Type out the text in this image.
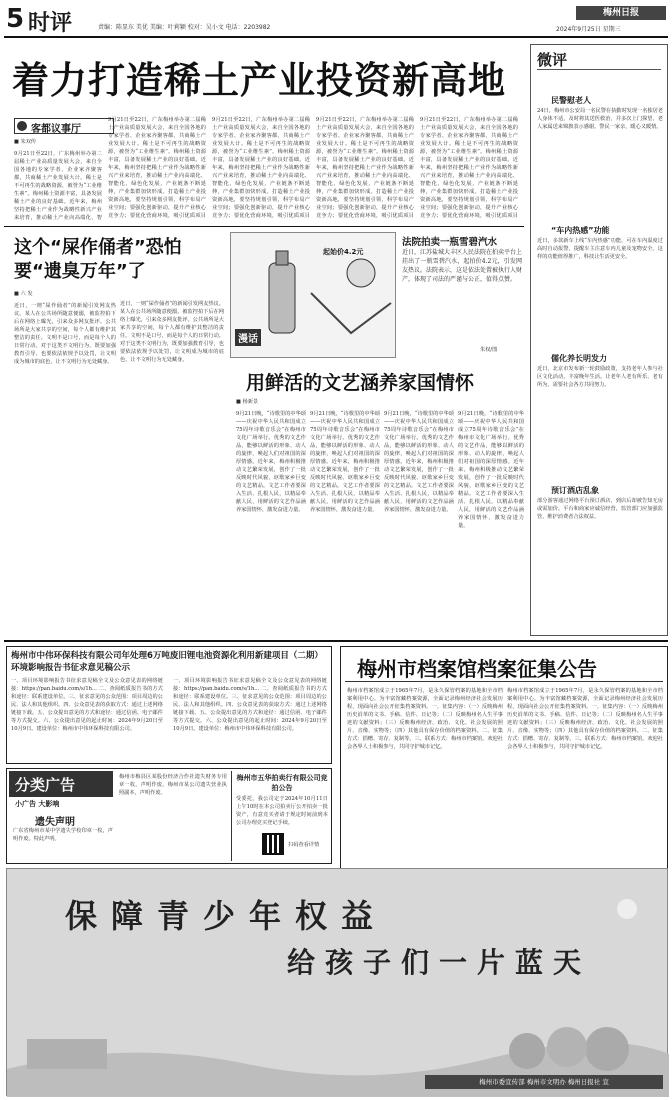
5 时评	责编：陈显东 美优 美编：叶莉颖 校对：吴小文 电话：2203982
梅州日报
2024年9月25日 星期三
着力打造稀土产业投资新高地
客都议事厅
■ 朱双传
9月21日至22日，广东梅州举办第二届稀土产业高质量发展大会，来自全国各地的专家学者、企业家齐聚客都，共商稀土产业发展大计。稀土是不可再生的战略资源，被誉为“工业维生素”。梅州稀土资源丰富，具备发展稀土产业的良好基础。近年来，梅州坚持把稀土产业作为战略性新兴产业来培育，推动稀土产业向高端化、智
9月21日至22日，广东梅州举办第二届稀土产业高质量发展大会，来自全国各地的专家学者、企业家齐聚客都，共商稀土产业发展大计。稀土是不可再生的战略资源，被誉为“工业维生素”。梅州稀土资源丰富，具备发展稀土产业的良好基础。近年来，梅州坚持把稀土产业作为战略性新兴产业来培育，推动稀土产业向高端化、智能化、绿色化发展，产业链条不断延伸，产业集群加快形成。打造稀土产业投资新高地，要坚持规划引领，科学布局产业空间；要强化创新驱动，提升产业核心竞争力；要优化营商环境，吸引优质项目
9月21日至22日，广东梅州举办第二届稀土产业高质量发展大会，来自全国各地的专家学者、企业家齐聚客都，共商稀土产业发展大计。稀土是不可再生的战略资源，被誉为“工业维生素”。梅州稀土资源丰富，具备发展稀土产业的良好基础。近年来，梅州坚持把稀土产业作为战略性新兴产业来培育，推动稀土产业向高端化、智能化、绿色化发展，产业链条不断延伸，产业集群加快形成。打造稀土产业投资新高地，要坚持规划引领，科学布局产业空间；要强化创新驱动，提升产业核心竞争力；要优化营商环境，吸引优质项目
9月21日至22日，广东梅州举办第二届稀土产业高质量发展大会，来自全国各地的专家学者、企业家齐聚客都，共商稀土产业发展大计。稀土是不可再生的战略资源，被誉为“工业维生素”。梅州稀土资源丰富，具备发展稀土产业的良好基础。近年来，梅州坚持把稀土产业作为战略性新兴产业来培育，推动稀土产业向高端化、智能化、绿色化发展，产业链条不断延伸，产业集群加快形成。打造稀土产业投资新高地，要坚持规划引领，科学布局产业空间；要强化创新驱动，提升产业核心竞争力；要优化营商环境，吸引优质项目
9月21日至22日，广东梅州举办第二届稀土产业高质量发展大会，来自全国各地的专家学者、企业家齐聚客都，共商稀土产业发展大计。稀土是不可再生的战略资源，被誉为“工业维生素”。梅州稀土资源丰富，具备发展稀土产业的良好基础。近年来，梅州坚持把稀土产业作为战略性新兴产业来培育，推动稀土产业向高端化、智能化、绿色化发展，产业链条不断延伸，产业集群加快形成。打造稀土产业投资新高地，要坚持规划引领，科学布局产业空间；要强化创新驱动，提升产业核心竞争力；要优化营商环境，吸引优质项目
微评
民警慰老人
24日，梅州市公安局一名民警在执勤时发现一名独居老人身体不适，及时将其送医救治，并多次上门探望，老人家属送来锦旗表示感谢。警民一家亲，暖心又暖情。
“车内热感”功能
近日，多款新车上线“车内热感”功能，可在车内温度过高时自动报警，提醒车主注意车内儿童及宠物安全。这样的功能值得推广，科技让生活更安全。
儒化养长明发力
近日，北京市发布新一轮鼓励政策，支持老年人参与社区文化活动，丰富晚年生活。让老年人老有所乐、老有所为，需要社会各方共同努力。
预订酒店乱象
部分游客通过网络平台预订酒店，到店后却被告知无房或需加价。平台和商家应诚信经营，监管部门应加强监管，维护消费者合法权益。
这个“屎作俑者”恐怕要“遗臭万年”了
■ 六 发
近日，一则“屎作俑者”的新闻引发网友热议。某人在公共场所随意便溺，被监控拍下后在网络上曝光，引来众多网友批评。公共场所是大家共享的空间，每个人都有维护其整洁的责任。文明不是口号，而是每个人的日常行动。对于这类不文明行为，既要加强教育引导，也要依法依规予以处罚，让文明成为城市的底色，让不文明行为无处藏身。
近日，一则“屎作俑者”的新闻引发网友热议。某人在公共场所随意便溺，被监控拍下后在网络上曝光，引来众多网友批评。公共场所是大家共享的空间，每个人都有维护其整洁的责任。文明不是口号，而是每个人的日常行动。对于这类不文明行为，既要加强教育引导，也要依法依规予以处罚，让文明成为城市的底色，让不文明行为无处藏身。
起始价4.2元
漫话
法院拍卖一瓶雪碧汽水
近日，江苏盐城大丰区人民法院在拍卖平台上挂出了一瓶雪碧汽水，起拍价4.2元，引发网友热议。法院表示，这是依法处置被执行人财产，体现了司法的严谨与公正，值得点赞。
朱权/图
用鲜活的文艺涵养家国情怀
■ 杨新景
9月21日晚，“诗歌里的中华颂——庆祝中华人民共和国成立75周年诗歌音乐会”在梅州市文化广场举行。优秀的文艺作品，能够以鲜活的形象、动人的旋律，唤起人们对祖国的深厚情感。近年来，梅州积极推动文艺繁荣发展，创作了一批反映时代风貌、讴歌家乡巨变的文艺精品。文艺工作者要深入生活、扎根人民，以精品奉献人民，用鲜活的文艺作品涵养家国情怀，激发奋进力量。
9月21日晚，“诗歌里的中华颂——庆祝中华人民共和国成立75周年诗歌音乐会”在梅州市文化广场举行。优秀的文艺作品，能够以鲜活的形象、动人的旋律，唤起人们对祖国的深厚情感。近年来，梅州积极推动文艺繁荣发展，创作了一批反映时代风貌、讴歌家乡巨变的文艺精品。文艺工作者要深入生活、扎根人民，以精品奉献人民，用鲜活的文艺作品涵养家国情怀，激发奋进力量。
9月21日晚，“诗歌里的中华颂——庆祝中华人民共和国成立75周年诗歌音乐会”在梅州市文化广场举行。优秀的文艺作品，能够以鲜活的形象、动人的旋律，唤起人们对祖国的深厚情感。近年来，梅州积极推动文艺繁荣发展，创作了一批反映时代风貌、讴歌家乡巨变的文艺精品。文艺工作者要深入生活、扎根人民，以精品奉献人民，用鲜活的文艺作品涵养家国情怀，激发奋进力量。
9月21日晚，“诗歌里的中华颂——庆祝中华人民共和国成立75周年诗歌音乐会”在梅州市文化广场举行。优秀的文艺作品，能够以鲜活的形象、动人的旋律，唤起人们对祖国的深厚情感。近年来，梅州积极推动文艺繁荣发展，创作了一批反映时代风貌、讴歌家乡巨变的文艺精品。文艺工作者要深入生活、扎根人民，以精品奉献人民，用鲜活的文艺作品涵养家国情怀，激发奋进力量。
梅州市中伟环保科技有限公司年处理6万吨废旧锂电池资源化利用新建项目（二期）环境影响报告书征求意见稿公示
一、项目环境影响报告书征求意见稿全文及公众意见表的网络链接：https://pan.baidu.com/s/1h... 二、查阅纸质报告书的方式和途径：联系建设单位。三、征求意见的公众范围：项目周边的公民、法人和其他组织。四、公众意见表的获取方式：通过上述网络链接下载。五、公众提出意见的方式和途径：通过信函、电子邮件等方式提交。六、公众提出意见的起止时间：2024年9月20日至10月9日。建设单位：梅州市中伟环保科技有限公司。
一、项目环境影响报告书征求意见稿全文及公众意见表的网络链接：https://pan.baidu.com/s/1h... 二、查阅纸质报告书的方式和途径：联系建设单位。三、征求意见的公众范围：项目周边的公民、法人和其他组织。四、公众意见表的获取方式：通过上述网络链接下载。五、公众提出意见的方式和途径：通过信函、电子邮件等方式提交。六、公众提出意见的起止时间：2024年9月20日至10月9日。建设单位：梅州市中伟环保科技有限公司。
梅州市档案馆档案征集公告
梅州市档案馆成立于1965年7月，是永久保管档案的基地和全市档案利用中心。为丰富馆藏档案资源，全面记录梅州经济社会发展历程，现面向社会公开征集档案资料。一、征集内容：（一）反映梅州历史沿革的文书、手稿、信件、日记等；（二）反映梅州名人生平事迹的文献资料；（三）反映梅州经济、政治、文化、社会发展的照片、音像、实物等；（四）其他具有保存价值的档案资料。二、征集方式：捐赠、寄存、复制等。三、联系方式：梅州市档案馆。欢迎社会各界人士积极参与，共同守护城市记忆。
梅州市档案馆成立于1965年7月，是永久保管档案的基地和全市档案利用中心。为丰富馆藏档案资源，全面记录梅州经济社会发展历程，现面向社会公开征集档案资料。一、征集内容：（一）反映梅州历史沿革的文书、手稿、信件、日记等；（二）反映梅州名人生平事迹的文献资料；（三）反映梅州经济、政治、文化、社会发展的照片、音像、实物等；（四）其他具有保存价值的档案资料。二、征集方式：捐赠、寄存、复制等。三、联系方式：梅州市档案馆。欢迎社会各界人士积极参与，共同守护城市记忆。
分类广告
小广告 大影响
遗失声明
广东省梅州市某中学遗失学校印章一枚，声明作废。特此声明。
梅州市梅县区某股份经济合作社遗失财务专用章一枚，声明作废。梅州市某公司遗失营业执照副本，声明作废。
梅州市五华拍卖行有限公司竞拍公告
受委托，我公司定于2024年10月11日上午10时在本公司拍卖厅公开拍卖一批资产，有意竞买者请于规定时间前到本公司办理竞买登记手续。
扫码查看详情
保障青少年权益
给孩子们一片蓝天
梅州市委宣传部 梅州市文明办 梅州日报社 宣
